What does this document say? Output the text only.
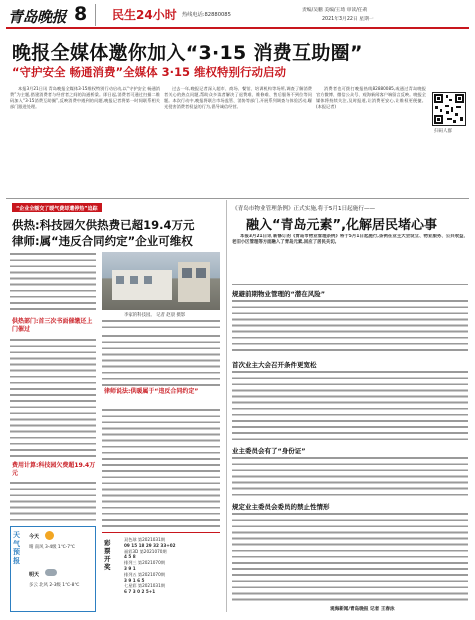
青岛晚报 8 民生24小时 热线电话:82880085
责编/吴鹏 美编/王琦 审读/任莉
2021年3月22日 星期一
晚报全媒体邀你加入“3·15 消费互助圈”
“守护安全 畅通消费”全媒体 3·15 维权特别行动启动

本报3月21日讯 青岛晚报全媒体3·15维权特别行动启动,以“守护安全 畅通消费”为主题,搭建消费者与经营者之间的沟通桥梁。即日起,消费者可通过扫描二维码加入“3·15消费互助圈”,反映消费中遇到的问题,晚报记者将第一时间联系相关部门跟进处理。

过去一年,晚报记者深入超市、商场、餐馆、培训机构等场所,调查了解消费者关心的热点问题,帮助众多读者解决了退费难、维修难、售后服务不到位等问题。本次行动中,晚报将联合市场监管、消协等部门,开展系列调查与体验活动,曝光侵害消费者权益的行为,倡导诚信经营。

消费者也可拨打晚报热线82880085,或通过青岛晚报官方微博、微信公众号、观海新闻客户端留言反映。晚报全媒体将持续关注,及时报道,让消费更安心,让维权更便捷。(本报记者)

扫码人群
“企业全额交了暖气费却遭停热”追踪
供热:科技园欠供热费已超19.4万元
律师:属“违反合同约定”企业可维权
李家的科技园。 记者 赵晨 摄影
供热部门:首三次书面催缴还上门催过
费用计算:科技园欠费超19.4万元
律师说法:供暖属于“违反合同约定”
天气预报
今天
晴 南风 3-4级 1℃-7℃
明天
多云 北风 2-3级 1℃-8℃
彩票开奖
双色球 第2021031期
09 15 18 29 32 33+02
福彩3D 第2021070期
4 5 8
排列三 第2021070期
3 9 1
排列五 第2021070期
3 9 1 6 5
七星彩 第2021031期
6 7 3 0 2 5+1
《青岛市物业管理条例》正式实施,将于5月1日起施行——
融入“青岛元素”,化解居民堵心事

本报3月21日讯 新修订的《青岛市物业管理条例》将于5月1日起施行,条例在业主大会设立、物业服务、公共收益、老旧小区管理等方面融入了青岛元素,回应了居民关切。

规避前期物业管理的“潜在风险”
首次业主大会召开条件更宽松
业主委员会有了“身份证”
规定业主委员会委员的禁止性情形
观海新闻/青岛晚报 记者 王春泳
